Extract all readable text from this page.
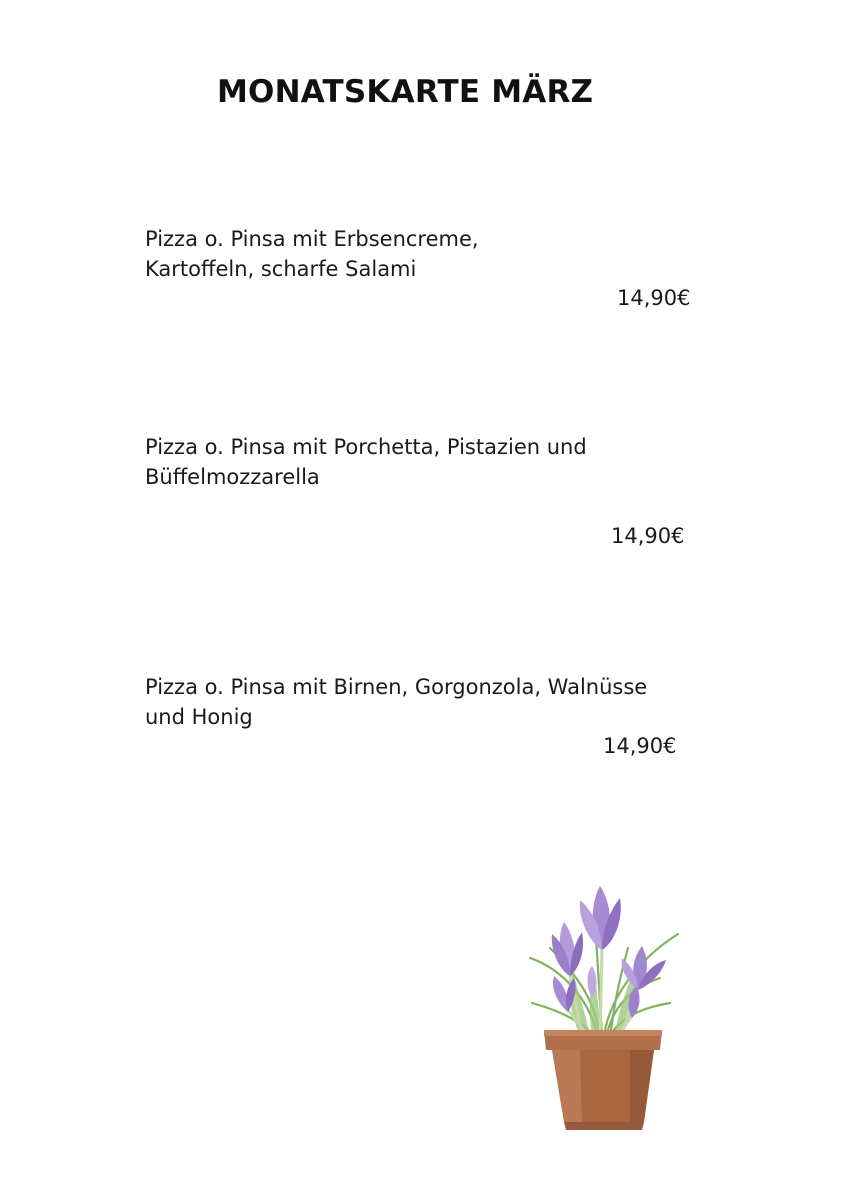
MONATSKARTE MÄRZ
Pizza o. Pinsa mit Erbsencreme,
Kartoffeln, scharfe Salami
14,90€
Pizza o. Pinsa mit Porchetta, Pistazien und
Büffelmozzarella
14,90€
Pizza o. Pinsa mit Birnen, Gorgonzola, Walnüsse
und Honig
14,90€
